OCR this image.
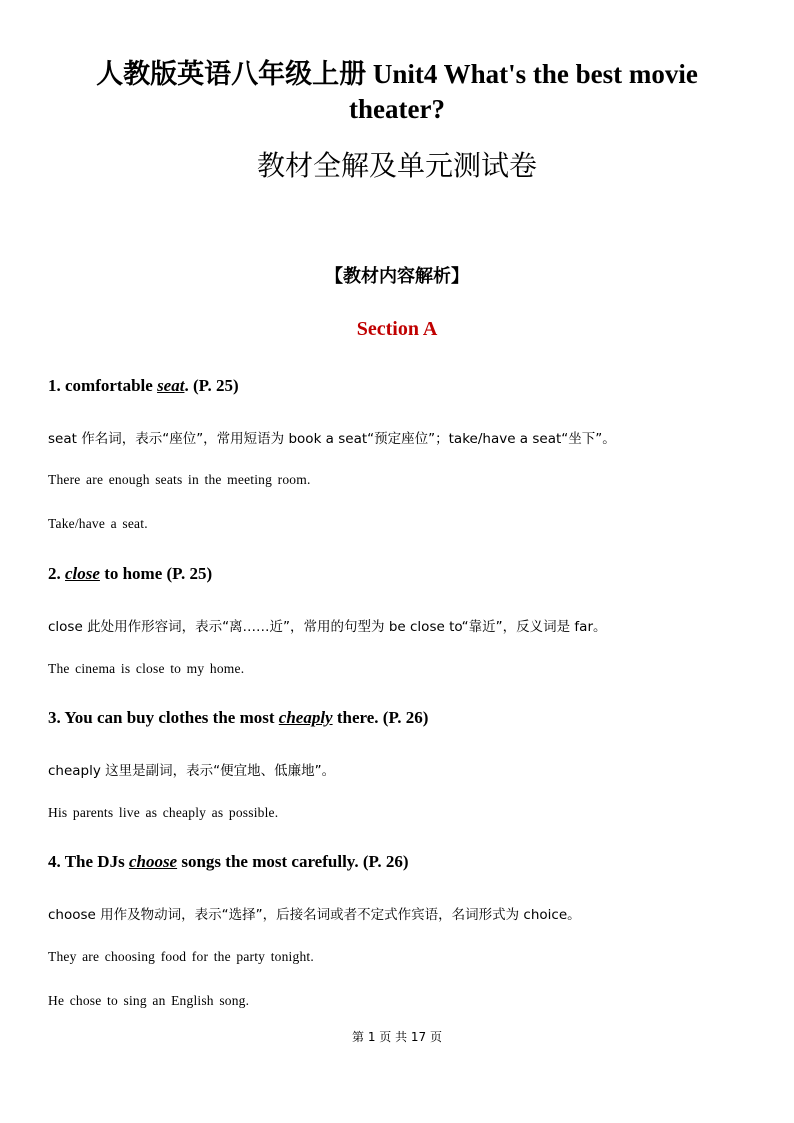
人教版英语八年级上册 Unit4 What's the best movie
theater?
教材全解及单元测试卷
【教材内容解析】
Section A
1. comfortable seat. (P. 25)
seat 作名词，表示“座位”，常用短语为 book a seat“预定座位”；take/have a seat“坐下”。
There are enough seats in the meeting room.
Take/have a seat.
2. close to home (P. 25)
close 此处用作形容词，表示“离……近”，常用的句型为 be close to“靠近”，反义词是 far。
The cinema is close to my home.
3. You can buy clothes the most cheaply there. (P. 26)
cheaply 这里是副词，表示“便宜地、低廉地”。
His parents live as cheaply as possible.
4. The DJs choose songs the most carefully. (P. 26)
choose 用作及物动词，表示“选择”，后接名词或者不定式作宾语，名词形式为 choice。
They are choosing food for the party tonight.
He chose to sing an English song.
第 1 页 共 17 页
